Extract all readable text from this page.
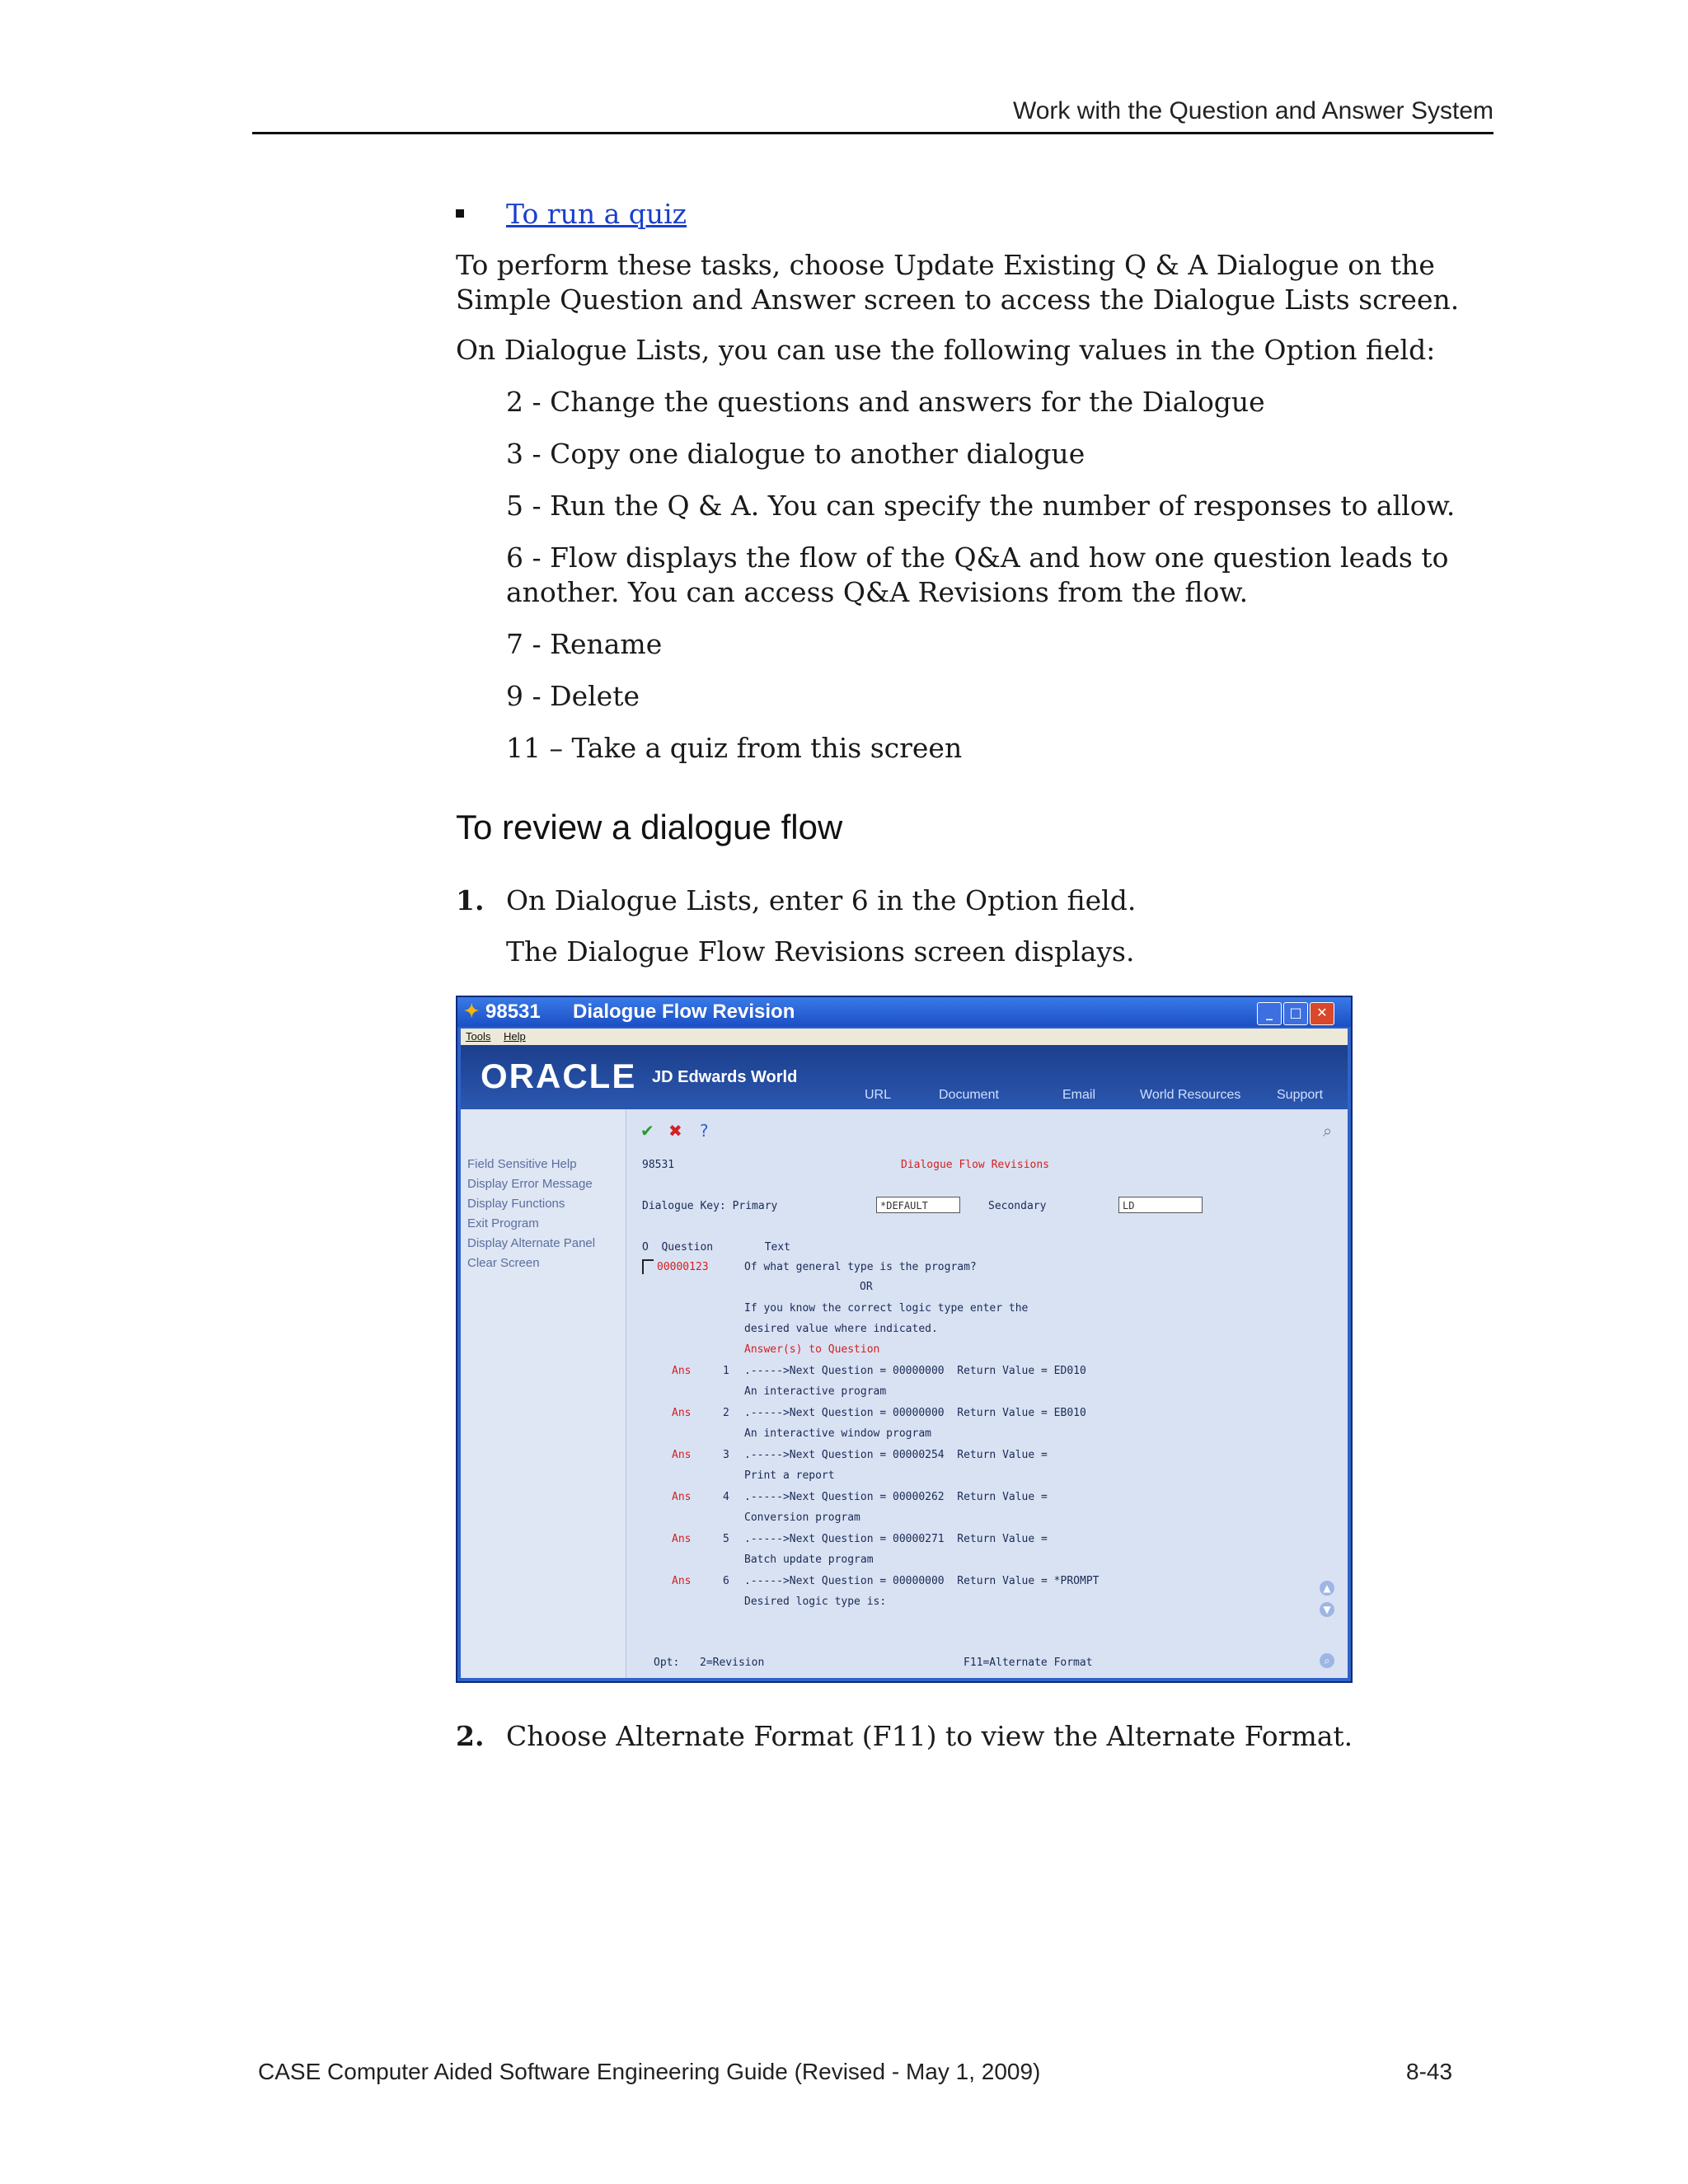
Work with the Question and Answer System
To run a quiz
To perform these tasks, choose Update Existing Q & A Dialogue on the Simple Question and Answer screen to access the Dialogue Lists screen.
On Dialogue Lists, you can use the following values in the Option field:
2 - Change the questions and answers for the Dialogue
3 - Copy one dialogue to another dialogue
5 - Run the Q & A. You can specify the number of responses to allow.
6 - Flow displays the flow of the Q&A and how one question leads to another. You can access Q&A Revisions from the flow.
7 - Rename
9 - Delete
11 – Take a quiz from this screen
To review a dialogue flow
1. On Dialogue Lists, enter 6 in the Option field.
The Dialogue Flow Revisions screen displays.
✦ 98531 Dialogue Flow Revision	_	□	✕
Tools Help
ORACLE JD Edwards World
URL	Document	Email	World Resources	Support
Field Sensitive Help
Display Error Message
Display Functions
Exit Program
Display Alternate Panel
Clear Screen
✔ ✖ ?	⌕
98531	Dialogue Flow Revisions
Dialogue Key: Primary	*DEFAULT	Secondary	LD
O  Question        Text
00000123	Of what general type is the program?
OR
If you know the correct logic type enter the
desired value where indicated.
Answer(s) to Question
Ans	1 .----->Next Question = 00000000  Return Value = ED010
An interactive program
Ans	2 .----->Next Question = 00000000  Return Value = EB010
An interactive window program
Ans	3 .----->Next Question = 00000254  Return Value =
Print a report
Ans	4 .----->Next Question = 00000262  Return Value =
Conversion program
Ans	5 .----->Next Question = 00000271  Return Value =
Batch update program
Ans	6 .----->Next Question = 00000000  Return Value = *PROMPT
Desired logic type is:
▲
▼
⌕
Opt: 2=Revision	F11=Alternate Format
2. Choose Alternate Format (F11) to view the Alternate Format.
CASE Computer Aided Software Engineering Guide (Revised - May 1, 2009)	8-43
